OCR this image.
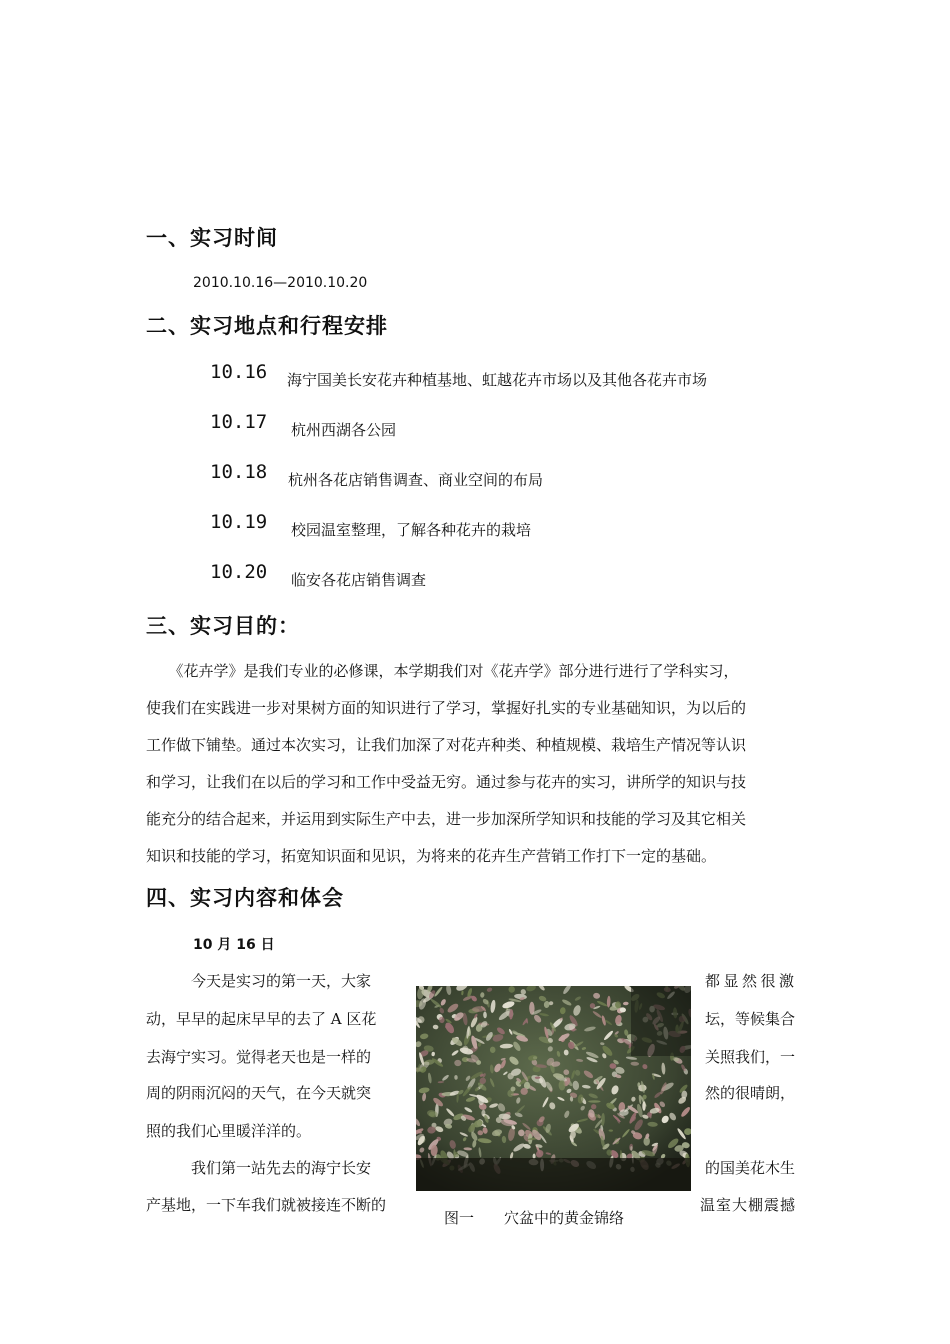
一、实习时间
2010.10.16—2010.10.20
二、实习地点和行程安排
10.16 海宁国美长安花卉种植基地、虹越花卉市场以及其他各花卉市场
10.17 杭州西湖各公园
10.18 杭州各花店销售调查、商业空间的布局
10.19 校园温室整理，了解各种花卉的栽培
10.20 临安各花店销售调查
三、实习目的：
　　《花卉学》是我们专业的必修课，本学期我们对《花卉学》部分进行进行了学科实习，
使我们在实践进一步对果树方面的知识进行了学习，掌握好扎实的专业基础知识，为以后的
工作做下铺垫。通过本次实习，让我们加深了对花卉种类、种植规模、栽培生产情况等认识
和学习，让我们在以后的学习和工作中受益无穷。通过参与花卉的实习，讲所学的知识与技
能充分的结合起来，并运用到实际生产中去，进一步加深所学知识和技能的学习及其它相关
知识和技能的学习，拓宽知识面和见识，为将来的花卉生产营销工作打下一定的基础。
四、实习内容和体会
10 月 16 日
今天是实习的第一天，大家
动，早早的起床早早的去了 A 区花
去海宁实习。觉得老天也是一样的
周的阴雨沉闷的天气，在今天就突
照的我们心里暖洋洋的。
我们第一站先去的海宁长安
产基地，一下车我们就被接连不断的
都显然很激
坛，等候集合
关照我们，一
然的很晴朗，
的国美花木生
温室大棚震撼
图一　　穴盆中的黄金锦络
